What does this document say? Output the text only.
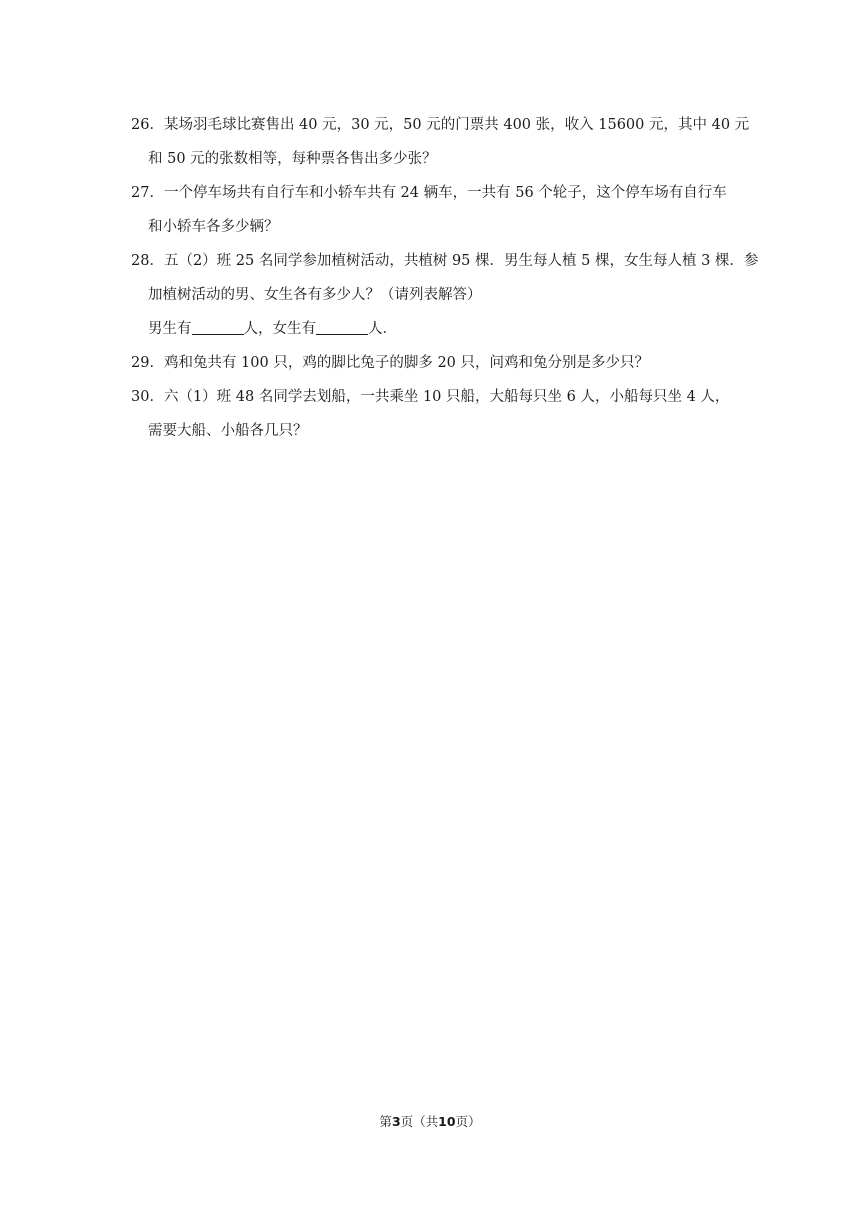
26．某场羽毛球比赛售出 40 元，30 元，50 元的门票共 400 张，收入 15600 元，其中 40 元
和 50 元的张数相等，每种票各售出多少张？
27．一个停车场共有自行车和小轿车共有 24 辆车，一共有 56 个轮子，这个停车场有自行车
和小轿车各多少辆？
28．五（2）班 25 名同学参加植树活动，共植树 95 棵．男生每人植 5 棵，女生每人植 3 棵．参
加植树活动的男、女生各有多少人？（请列表解答）
男生有	人，女生有	人．
29．鸡和兔共有 100 只，鸡的脚比兔子的脚多 20 只，问鸡和兔分别是多少只？
30．六（1）班 48 名同学去划船，一共乘坐 10 只船，大船每只坐 6 人，小船每只坐 4 人，
需要大船、小船各几只？
第3页（共10页）
